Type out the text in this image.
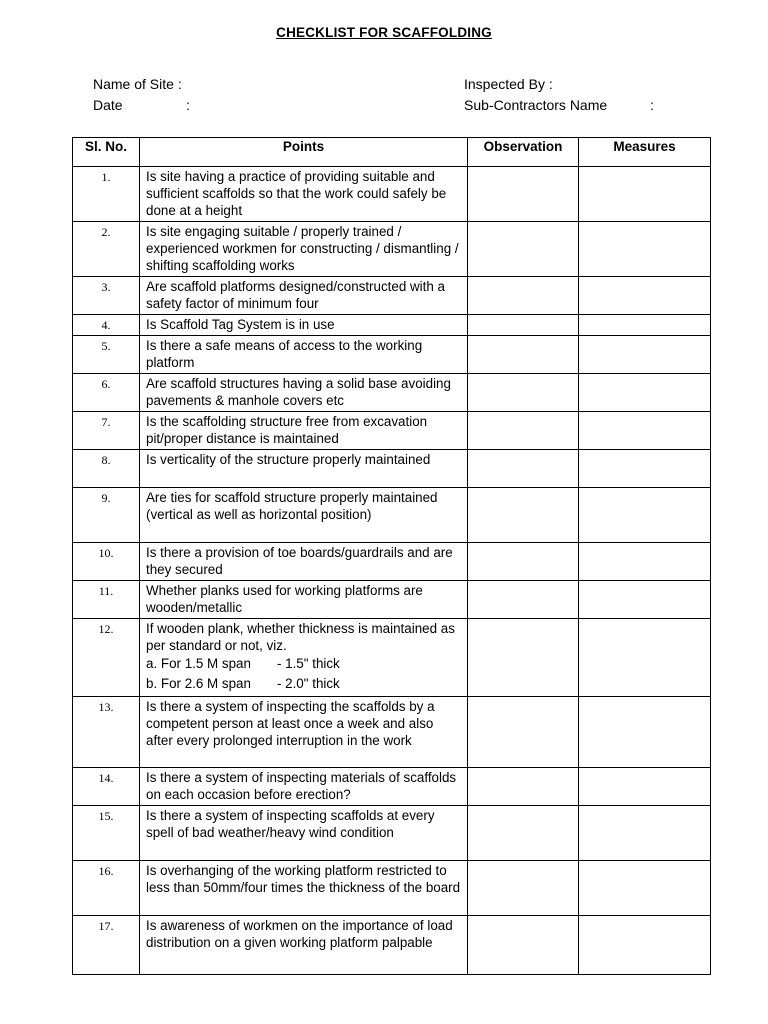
CHECKLIST FOR SCAFFOLDING
Name of Site :
Date	:
Inspected By :
Sub-Contractors Name	:
Sl. No.	Points	Observation	Measures
1.	Is site having a practice of providing suitable and sufficient scaffolds so that the work could safely be done at a height		
2.	Is site engaging suitable / properly trained / experienced workmen for constructing / dismantling / shifting scaffolding works		
3.	Are scaffold platforms designed/constructed with a safety factor of minimum four		
4.	Is Scaffold Tag System is in use		
5.	Is there a safe means of access to the working platform		
6.	Are scaffold structures having a solid base avoiding pavements & manhole covers etc		
7.	Is the scaffolding structure free from excavation pit/proper distance is maintained		
8.	Is verticality of the structure properly maintained		
9.	Are ties for scaffold structure properly maintained (vertical as well as horizontal position)		
10.	Is there a provision of toe boards/guardrails and are they secured		
11.	Whether planks used for working platforms are wooden/metallic		
12.	If wooden plank, whether thickness is maintained as per standard or not, viz.
a. For 1.5 M span - 1.5" thick
b. For 2.6 M span - 2.0" thick		

13.	Is there a system of inspecting the scaffolds by a competent person at least once a week and also after every prolonged interruption in the work		
14.	Is there a system of inspecting materials of scaffolds on each occasion before erection?		
15.	Is there a system of inspecting scaffolds at every spell of bad weather/heavy wind condition		
16.	Is overhanging of the working platform restricted to less than 50mm/four times the thickness of the board		
17.	Is awareness of workmen on the importance of load distribution on a given working platform palpable		
